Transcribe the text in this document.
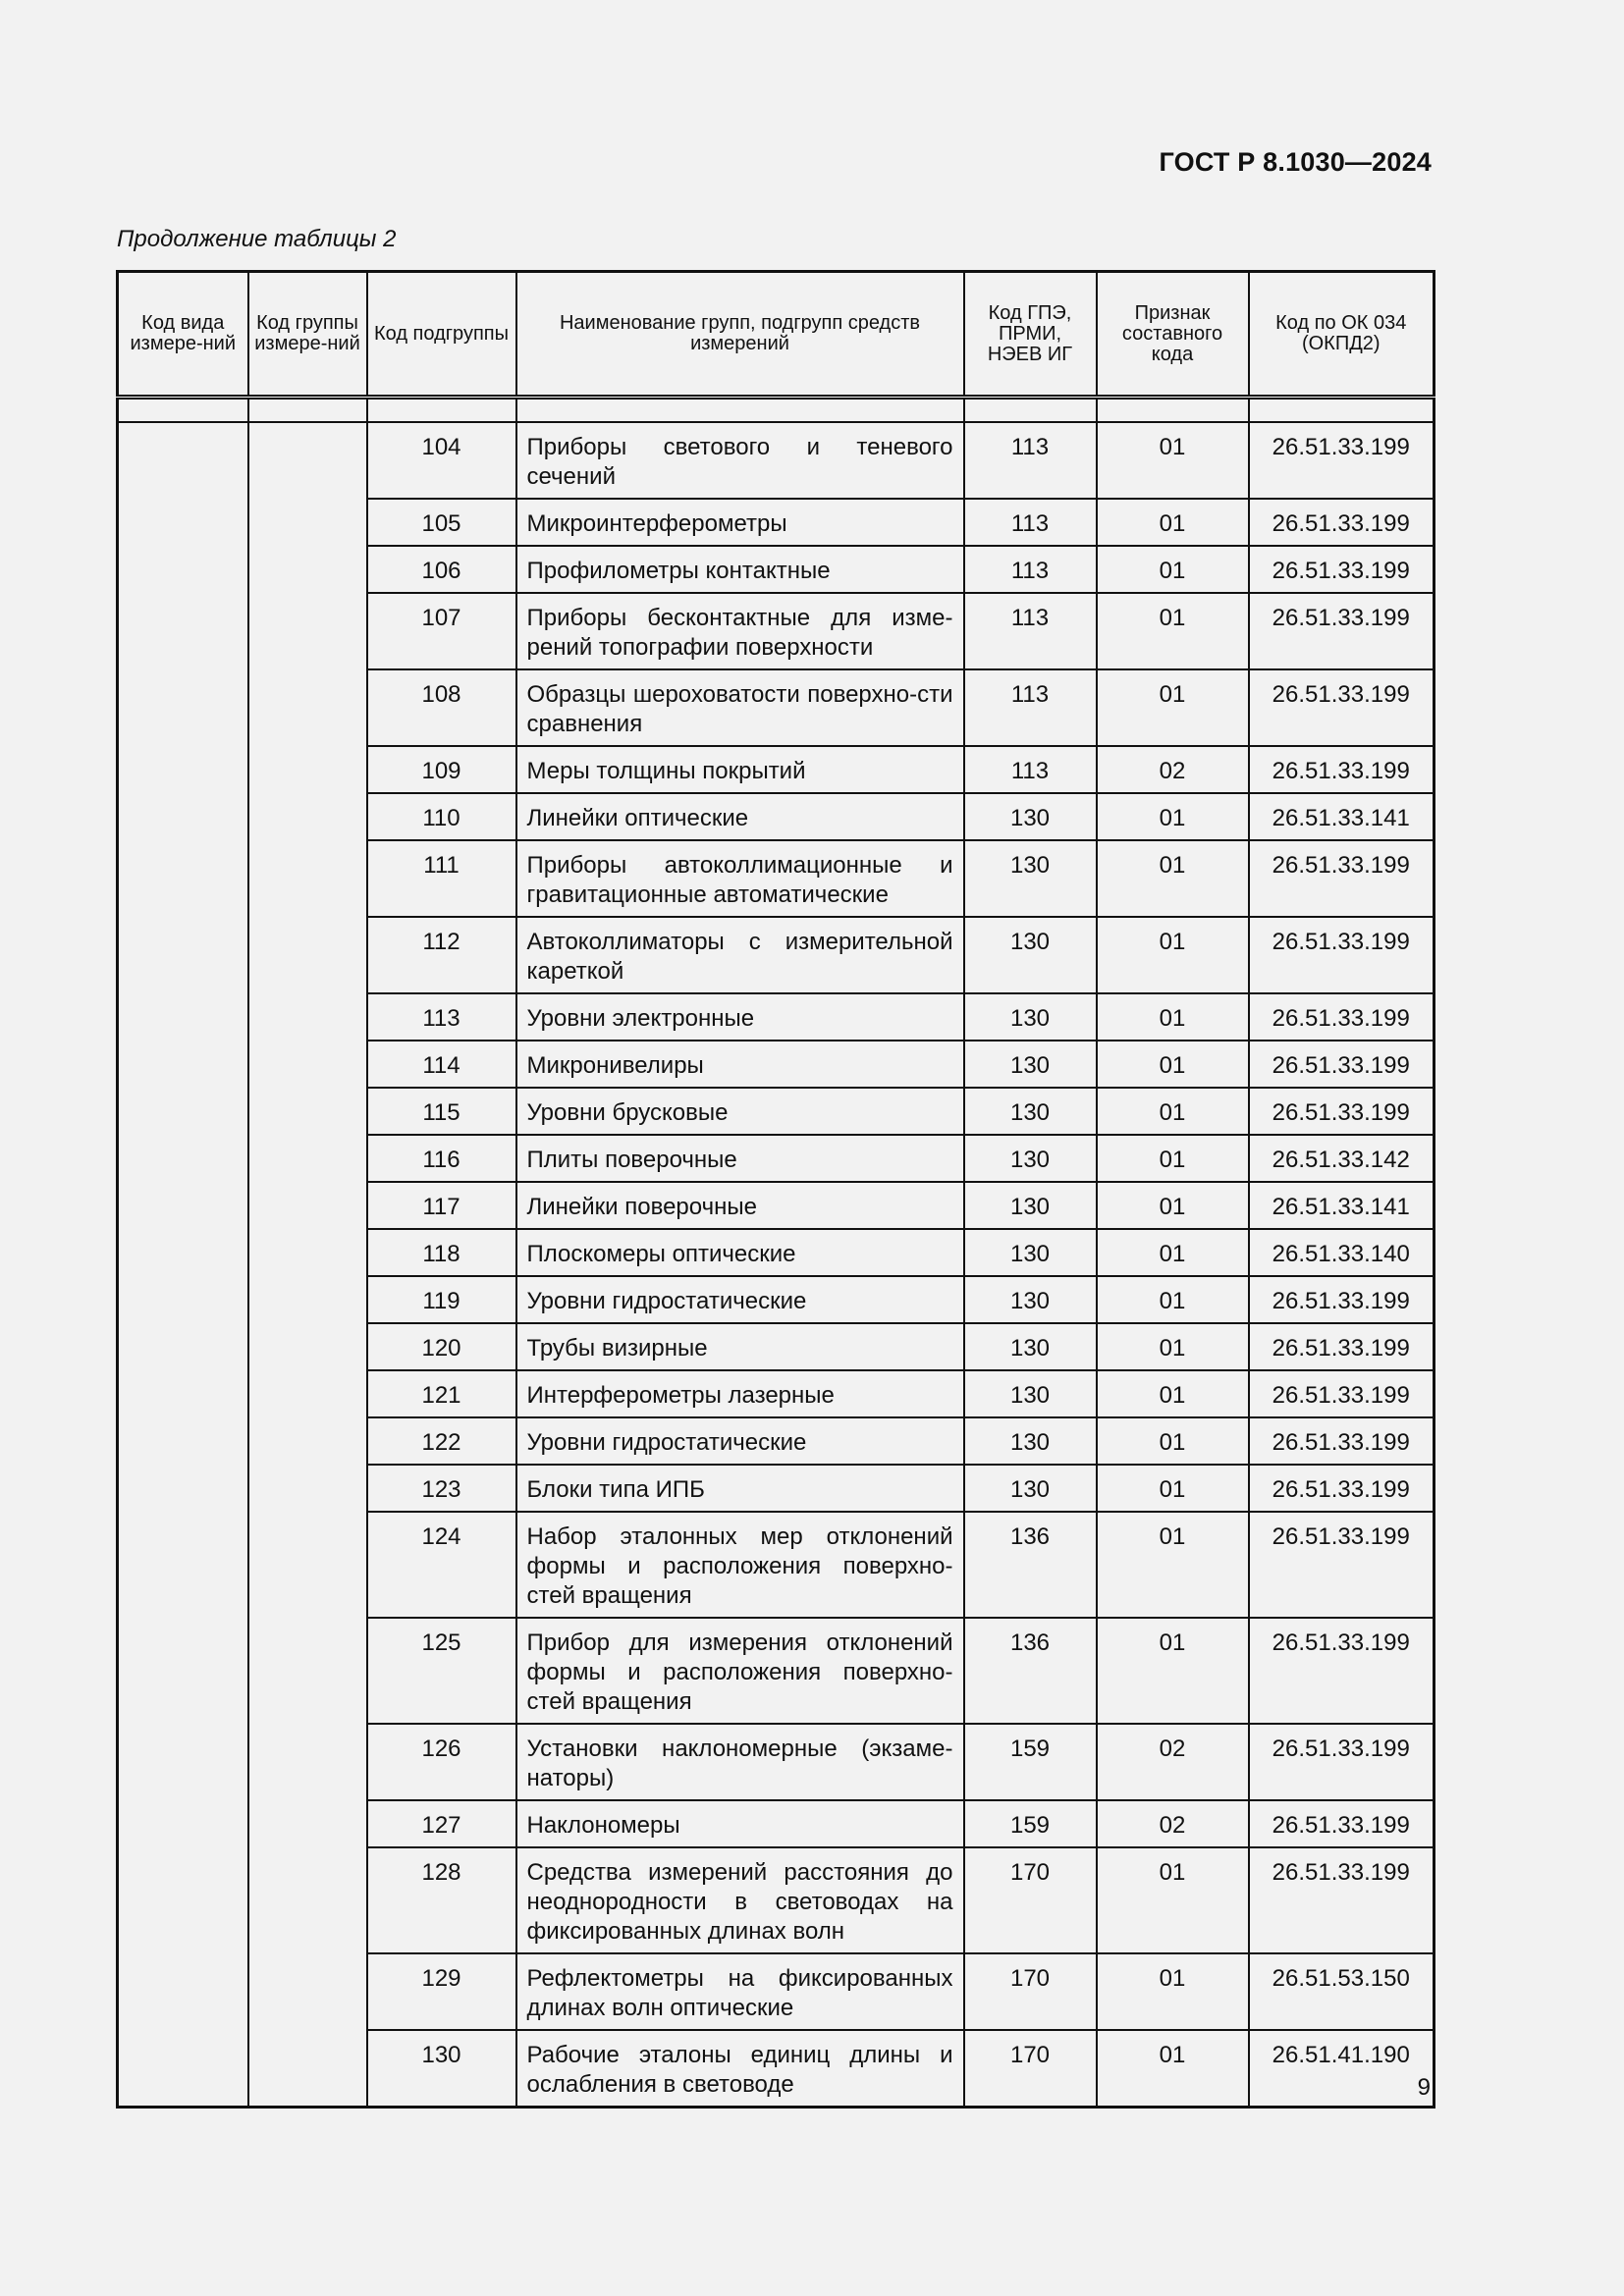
ГОСТ Р 8.1030—2024
Продолжение таблицы 2
Код вида измере-ний	Код группы измере-ний	Код подгруппы	Наименование групп, подгрупп средств измерений	Код ГПЭ, ПРМИ, НЭЕВ ИГ	Признак составного кода	Код по ОК 034 (ОКПД2)

		104	Приборы светового и теневого сечений	113	01	26.51.33.199
		105	Микроинтерферометры	113	01	26.51.33.199
		106	Профилометры контактные	113	01	26.51.33.199
		107	Приборы бесконтактные для изме-рений топографии поверхности	113	01	26.51.33.199
		108	Образцы шероховатости поверхно-сти сравнения	113	01	26.51.33.199
		109	Меры толщины покрытий	113	02	26.51.33.199
		110	Линейки оптические	130	01	26.51.33.141
		111	Приборы автоколлимационные и гравитационные автоматические	130	01	26.51.33.199
		112	Автоколлиматоры с измерительной кареткой	130	01	26.51.33.199
		113	Уровни электронные	130	01	26.51.33.199
		114	Микронивелиры	130	01	26.51.33.199
		115	Уровни брусковые	130	01	26.51.33.199
		116	Плиты поверочные	130	01	26.51.33.142
		117	Линейки поверочные	130	01	26.51.33.141
		118	Плоскомеры оптические	130	01	26.51.33.140
		119	Уровни гидростатические	130	01	26.51.33.199
		120	Трубы визирные	130	01	26.51.33.199
		121	Интерферометры лазерные	130	01	26.51.33.199
		122	Уровни гидростатические	130	01	26.51.33.199
		123	Блоки типа ИПБ	130	01	26.51.33.199
		124	Набор эталонных мер отклонений формы и расположения поверхно-стей вращения	136	01	26.51.33.199
		125	Прибор для измерения отклонений формы и расположения поверхно-стей вращения	136	01	26.51.33.199
		126	Установки наклономерные (экзаме-наторы)	159	02	26.51.33.199
		127	Наклономеры	159	02	26.51.33.199
		128	Средства измерений расстояния до неоднородности в световодах на фиксированных длинах волн	170	01	26.51.33.199
		129	Рефлектометры на фиксированных длинах волн оптические	170	01	26.51.53.150
		130	Рабочие эталоны единиц длины и ослабления в световоде	170	01	26.51.41.190
9
